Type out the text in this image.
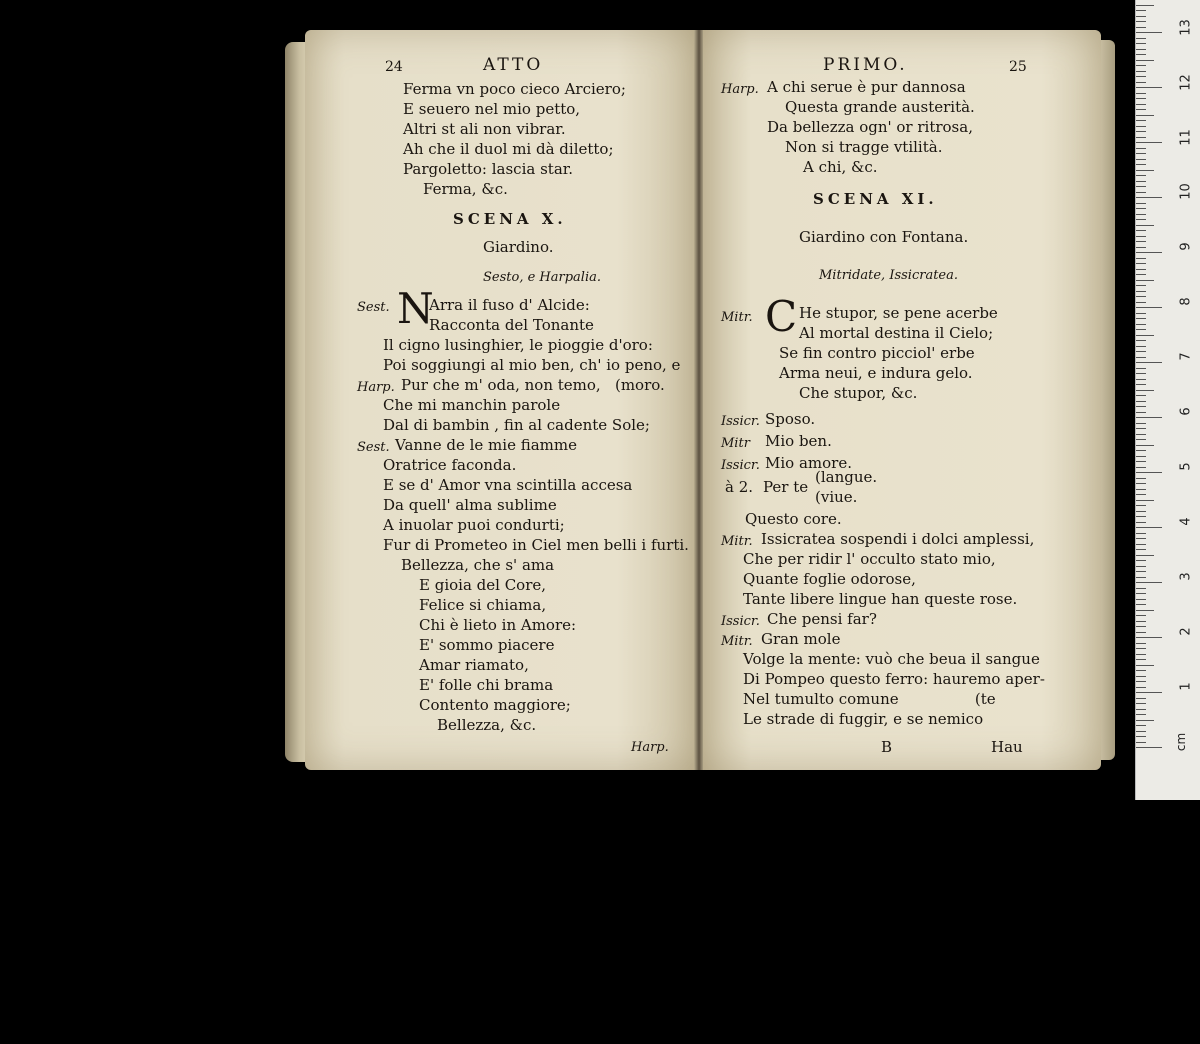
24

	ATTO

Ferma vn poco cieco Arciero;

E seuero nel mio petto,

Altri st ali non vibrar.

Ah che il duol mi dà diletto;

Pargoletto: lascia star.

Ferma, &c.

SCENA X.

Giardino.

Sesto, e Harpalia.

Sest.

N

Arra il fuso d' Alcide:

Racconta del Tonante

Il cigno lusinghier, le pioggie d'oro:

Poi soggiungi al mio ben, ch' io peno, e

Harp.

Pur che m' oda, non temo,   (moro.

Che mi manchin parole

Dal di bambin , fin al cadente Sole;

Sest.

Vanne de le mie fiamme

Oratrice faconda.

E se d' Amor vna scintilla accesa

Da quell' alma sublime

A inuolar puoi condurti;

Fur di Prometeo in Ciel men belli i furti.

Bellezza, che s' ama

E gioia del Core,

Felice si chiama,

Chi è lieto in Amore:

E' sommo piacere

Amar riamato,

E' folle chi brama

Contento maggiore;

Bellezza, &c.

Harp.

PRIMO.

	25

Harp.

A chi serue è pur dannosa

Questa grande austerità.

Da bellezza ogn' or ritrosa,

Non si tragge vtilità.

A chi, &c.

SCENA XI.

Giardino con Fontana.

Mitridate, Issicratea.

Mitr.

C

He stupor, se pene acerbe

Al mortal destina il Cielo;

Se fin contro picciol' erbe

Arma neui, e indura gelo.

Che stupor, &c.

Issicr.

Sposo.

Mitr

Mio ben.

Issicr.

Mio amore.

à 2.

Per te

(langue.

(viue.

Questo core.

Mitr.

Issicratea sospendi i dolci amplessi,

Che per ridir l' occulto stato mio,

Quante foglie odorose,

Tante libere lingue han queste rose.

Issicr.

Che pensi far?

Mitr.

Gran mole

Volge la mente: vuò che beua il sangue

Di Pompeo questo ferro: hauremo aper-

Nel tumulto comune                (te

Le strade di fuggir, e se nemico

B

	Hau

13
12
11
10
9
8
7
6
5
4
3
2
1
cm
